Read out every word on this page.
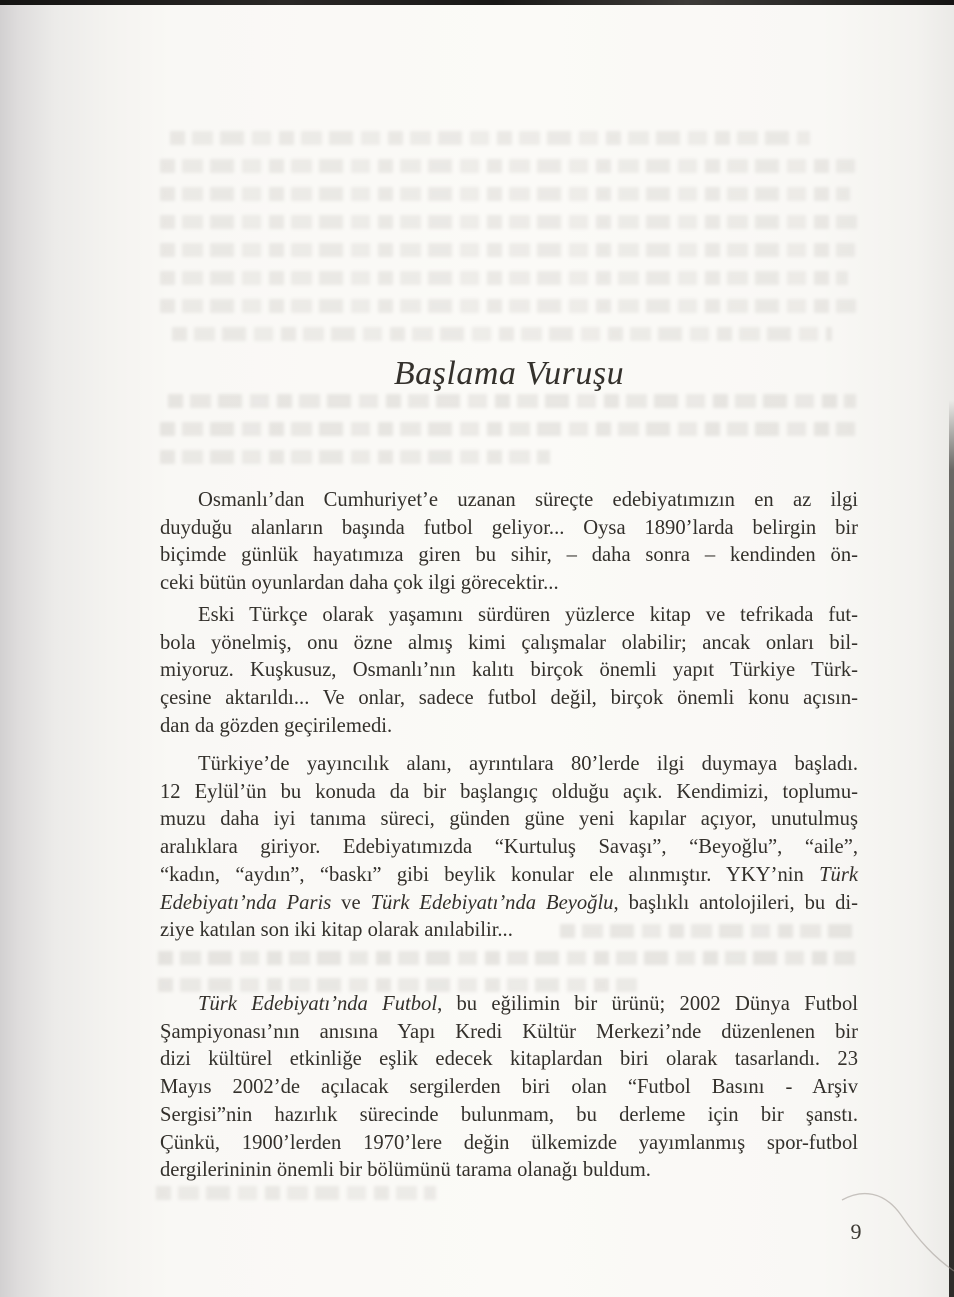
Başlama Vuruşu
Osmanlı’dan Cumhuriyet’e uzanan süreçte edebiyatımızın en az ilgi
duyduğu alanların başında futbol geliyor... Oysa 1890’larda belirgin bir
biçimde günlük hayatımıza giren bu sihir, – daha sonra – kendinden ön-
ceki bütün oyunlardan daha çok ilgi görecektir...
Eski Türkçe olarak yaşamını sürdüren yüzlerce kitap ve tefrikada fut-
bola yönelmiş, onu özne almış kimi çalışmalar olabilir; ancak onları bil-
miyoruz. Kuşkusuz, Osmanlı’nın kalıtı birçok önemli yapıt Türkiye Türk-
çesine aktarıldı... Ve onlar, sadece futbol değil, birçok önemli konu açısın-
dan da gözden geçirilemedi.
Türkiye’de yayıncılık alanı, ayrıntılara 80’lerde ilgi duymaya başladı.
12 Eylül’ün bu konuda da bir başlangıç olduğu açık. Kendimizi, toplumu-
muzu daha iyi tanıma süreci, günden güne yeni kapılar açıyor, unutulmuş
aralıklara giriyor. Edebiyatımızda “Kurtuluş Savaşı”, “Beyoğlu”, “aile”,
“kadın, “aydın”, “baskı” gibi beylik konular ele alınmıştır. YKY’nin Türk
Edebiyatı’nda Paris ve Türk Edebiyatı’nda Beyoğlu, başlıklı antolojileri, bu di-
ziye katılan son iki kitap olarak anılabilir...
Türk Edebiyatı’nda Futbol, bu eğilimin bir ürünü; 2002 Dünya Futbol
Şampiyonası’nın anısına Yapı Kredi Kültür Merkezi’nde düzenlenen bir
dizi kültürel etkinliğe eşlik edecek kitaplardan biri olarak tasarlandı. 23
Mayıs 2002’de açılacak sergilerden biri olan “Futbol Basını - Arşiv
Sergisi”nin hazırlık sürecinde bulunmam, bu derleme için bir şanstı.
Çünkü, 1900’lerden 1970’lere değin ülkemizde yayımlanmış spor-futbol
dergilerininin önemli bir bölümünü tarama olanağı buldum.
9
